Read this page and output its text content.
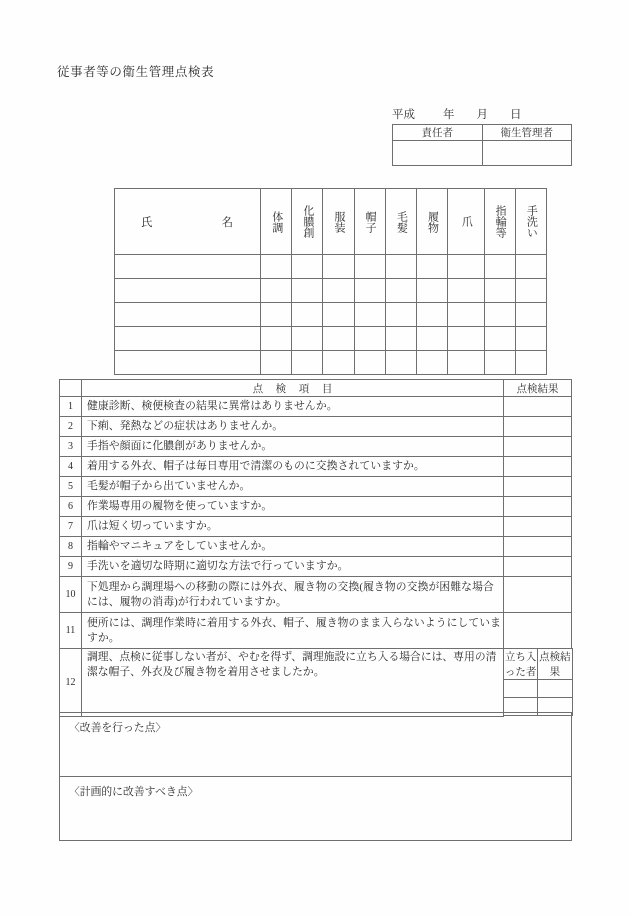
従事者等の衛生管理点検表
平成 年 月 日
責任者	衛生管理者

氏 名	体調	化膿創	服装	帽子	毛髪	履物	爪	指輪等	手洗い

	点 検 項 目	点検結果
1	健康診断、検便検査の結果に異常はありませんか。	
2	下痢、発熱などの症状はありませんか。	
3	手指や顔面に化膿創がありませんか。	
4	着用する外衣、帽子は毎日専用で清潔のものに交換されていますか。	
5	毛髪が帽子から出ていませんか。	
6	作業場専用の履物を使っていますか。	
7	爪は短く切っていますか。	
8	指輪やマニキュアをしていませんか。	
9	手洗いを適切な時期に適切な方法で行っていますか。	
10	下処理から調理場への移動の際には外衣、履き物の交換(履き物の交換が困難な場合には、履物の消毒)が行われていますか。	
11	便所には、調理作業時に着用する外衣、帽子、履き物のまま入らないようにしていますか。	
12	調理、点検に従事しない者が、やむを得ず、調理施設に立ち入る場合には、専用の清潔な帽子、外衣及び履き物を着用させましたか。	
立ち入った者	点検結果

〈改善を行った点〉
〈計画的に改善すべき点〉
